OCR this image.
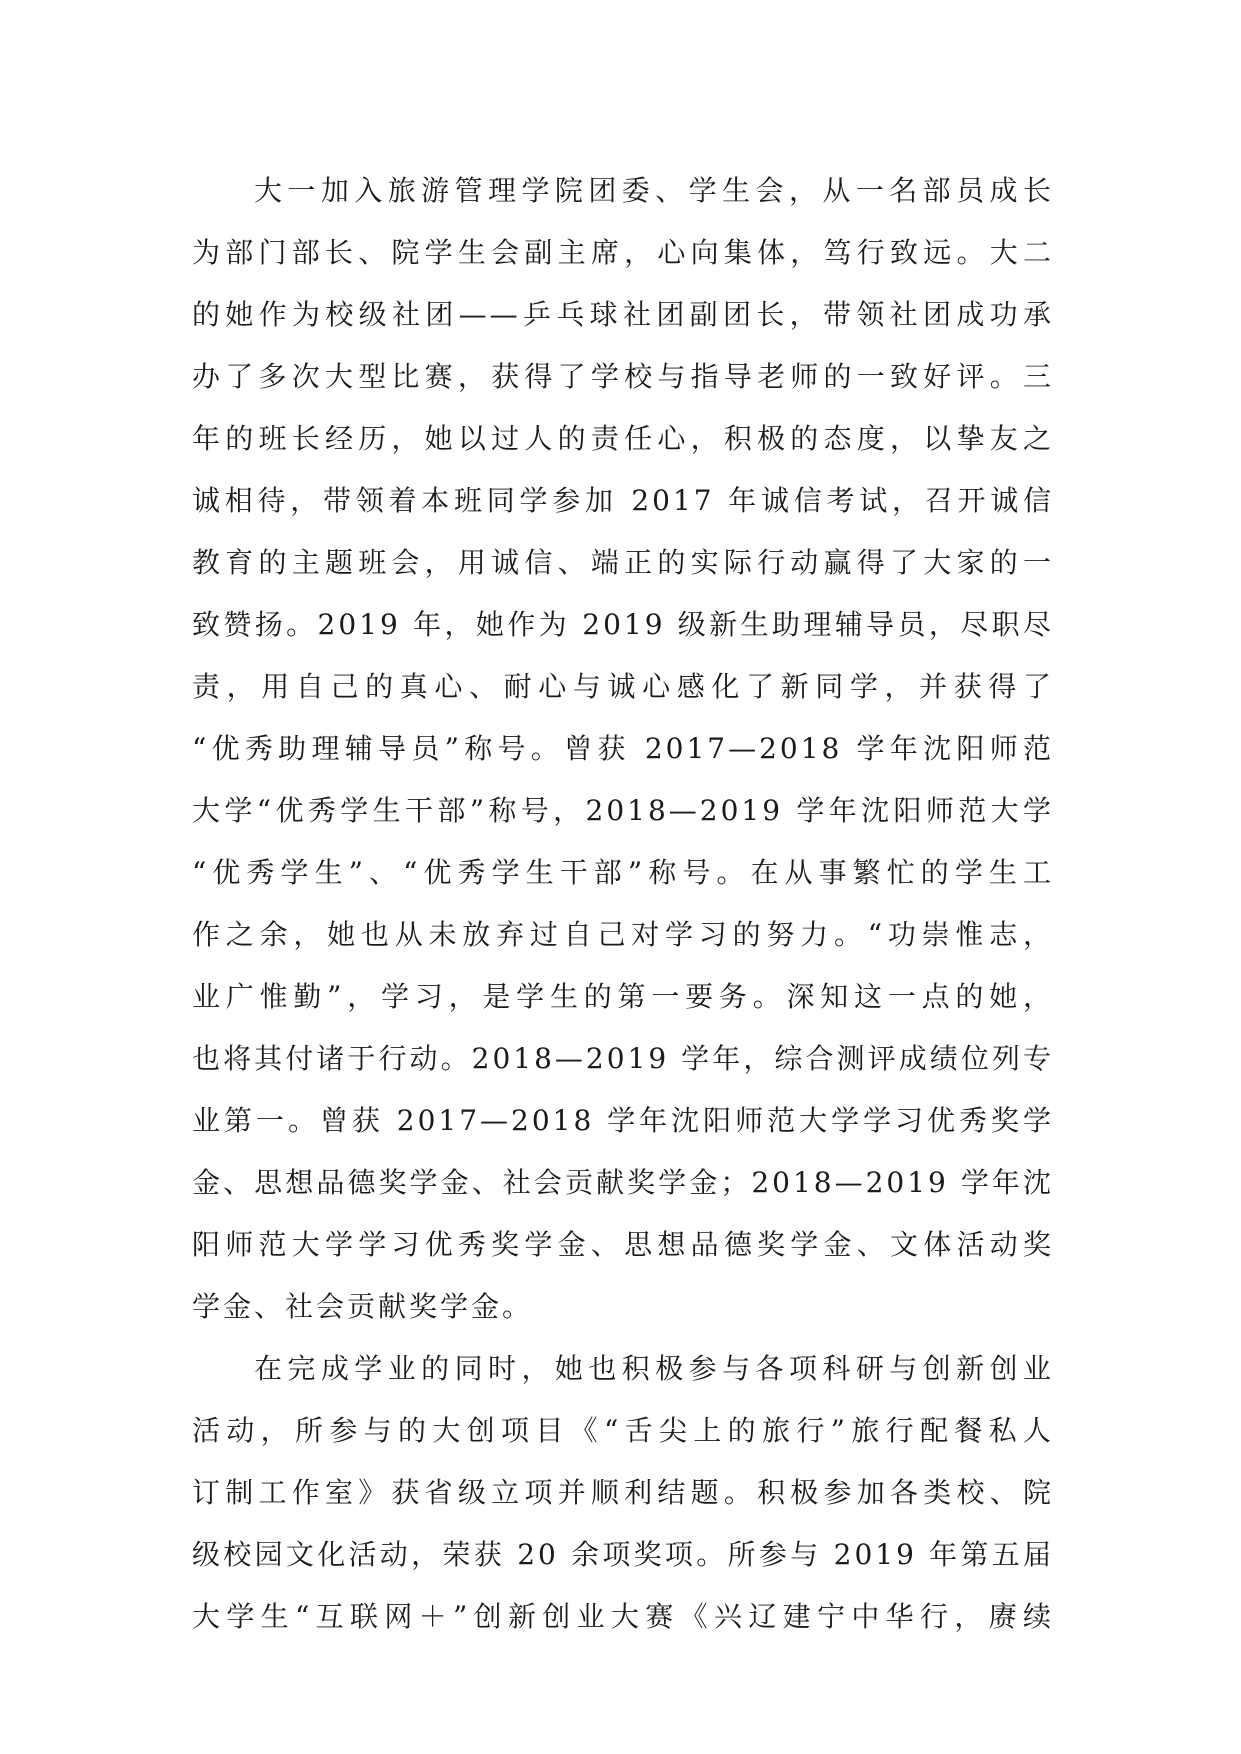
大一加入旅游管理学院团委、学生会，从一名部员成长
为部门部长、院学生会副主席，心向集体，笃行致远。大二
的她作为校级社团——乒乓球社团副团长，带领社团成功承
办了多次大型比赛，获得了学校与指导老师的一致好评。三
年的班长经历，她以过人的责任心，积极的态度，以挚友之
诚相待，带领着本班同学参加 2017 年诚信考试，召开诚信
教育的主题班会，用诚信、端正的实际行动赢得了大家的一
致赞扬。2019 年，她作为 2019 级新生助理辅导员，尽职尽
责，用自己的真心、耐心与诚心感化了新同学，并获得了
“优秀助理辅导员”称号。曾获 2017—2018 学年沈阳师范
大学“优秀学生干部”称号，2018—2019 学年沈阳师范大学
“优秀学生”、“优秀学生干部”称号。在从事繁忙的学生工
作之余，她也从未放弃过自己对学习的努力。“功崇惟志，
业广惟勤”，学习，是学生的第一要务。深知这一点的她，
也将其付诸于行动。2018—2019 学年，综合测评成绩位列专
业第一。曾获 2017—2018 学年沈阳师范大学学习优秀奖学
金、思想品德奖学金、社会贡献奖学金；2018—2019 学年沈
阳师范大学学习优秀奖学金、思想品德奖学金、文体活动奖
学金、社会贡献奖学金。
在完成学业的同时，她也积极参与各项科研与创新创业
活动，所参与的大创项目《“舌尖上的旅行”旅行配餐私人
订制工作室》获省级立项并顺利结题。积极参加各类校、院
级校园文化活动，荣获 20 余项奖项。所参与 2019 年第五届
大学生“互联网＋”创新创业大赛《兴辽建宁中华行，赓续
